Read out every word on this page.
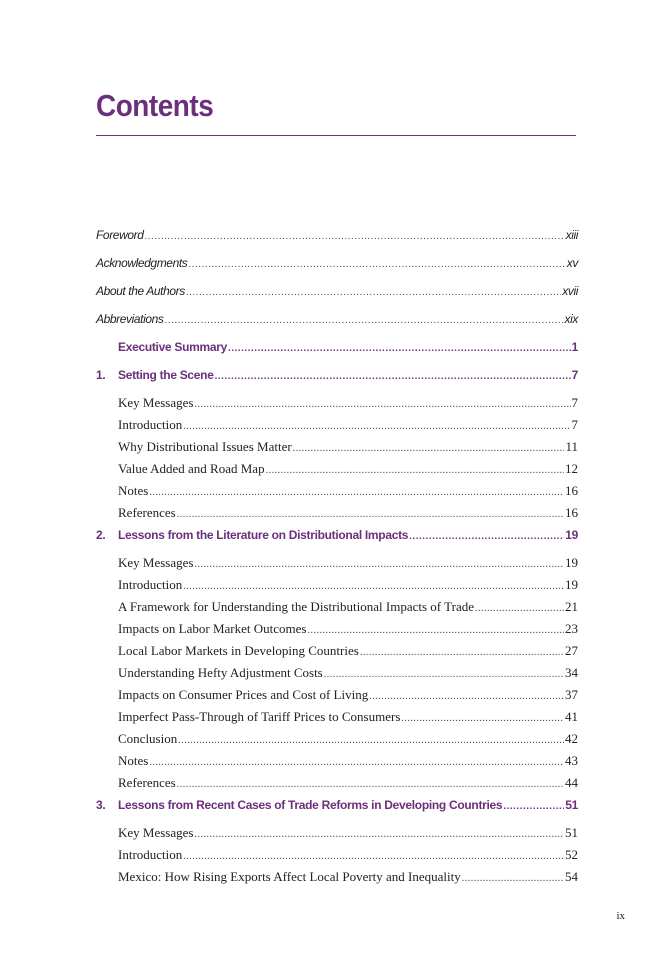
Contents
Foreword .....	xiii
Acknowledgments .....	xv
About the Authors .....	xvii
Abbreviations .....	xix
Executive Summary .....	1
1. Setting the Scene .....	7
Key Messages .....	7
Introduction .....	7
Why Distributional Issues Matter .....	11
Value Added and Road Map .....	12
Notes .....	16
References .....	16
2. Lessons from the Literature on Distributional Impacts .....	19
Key Messages .....	19
Introduction .....	19
A Framework for Understanding the Distributional Impacts of Trade .....	21
Impacts on Labor Market Outcomes .....	23
Local Labor Markets in Developing Countries .....	27
Understanding Hefty Adjustment Costs .....	34
Impacts on Consumer Prices and Cost of Living .....	37
Imperfect Pass-Through of Tariff Prices to Consumers .....	41
Conclusion .....	42
Notes .....	43
References .....	44
3. Lessons from Recent Cases of Trade Reforms in Developing Countries .....	51
Key Messages .....	51
Introduction .....	52
Mexico: How Rising Exports Affect Local Poverty and Inequality .....	54
ix
